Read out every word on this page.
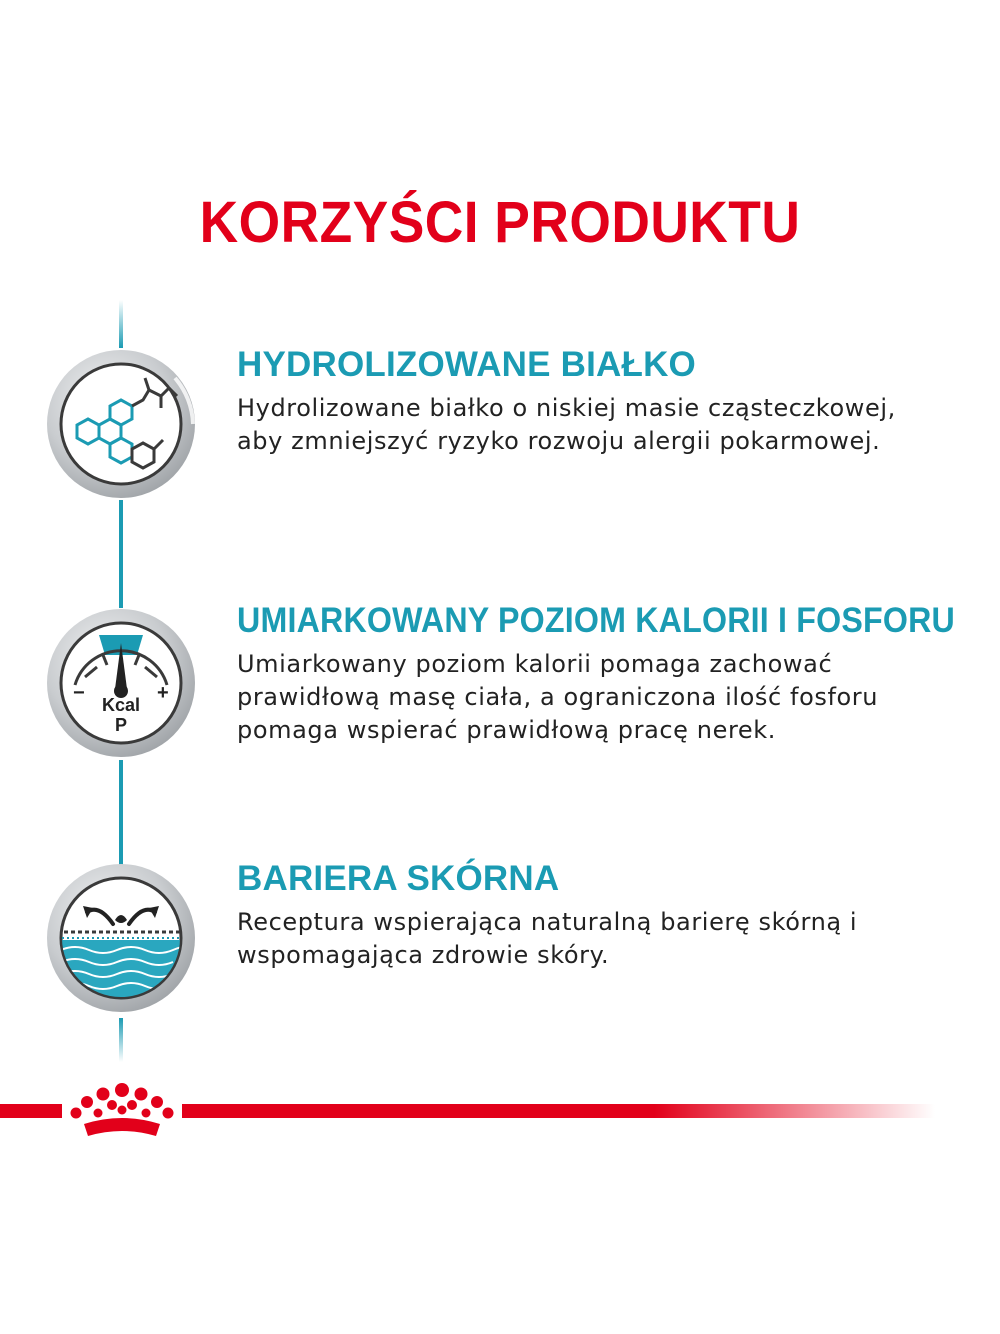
KORZYŚCI PRODUKTU
−	+
Kcal
P
HYDROLIZOWANE BIAŁKO

Hydrolizowane białko o niskiej masie cząsteczkowej,
aby zmniejszyć ryzyko rozwoju alergii pokarmowej.

UMIARKOWANY POZIOM KALORII I FOSFORU

Umiarkowany poziom kalorii pomaga zachować
prawidłową masę ciała, a ograniczona ilość fosforu
pomaga wspierać prawidłową pracę nerek.

BARIERA SKÓRNA

Receptura wspierająca naturalną barierę skórną i
wspomagająca zdrowie skóry.
